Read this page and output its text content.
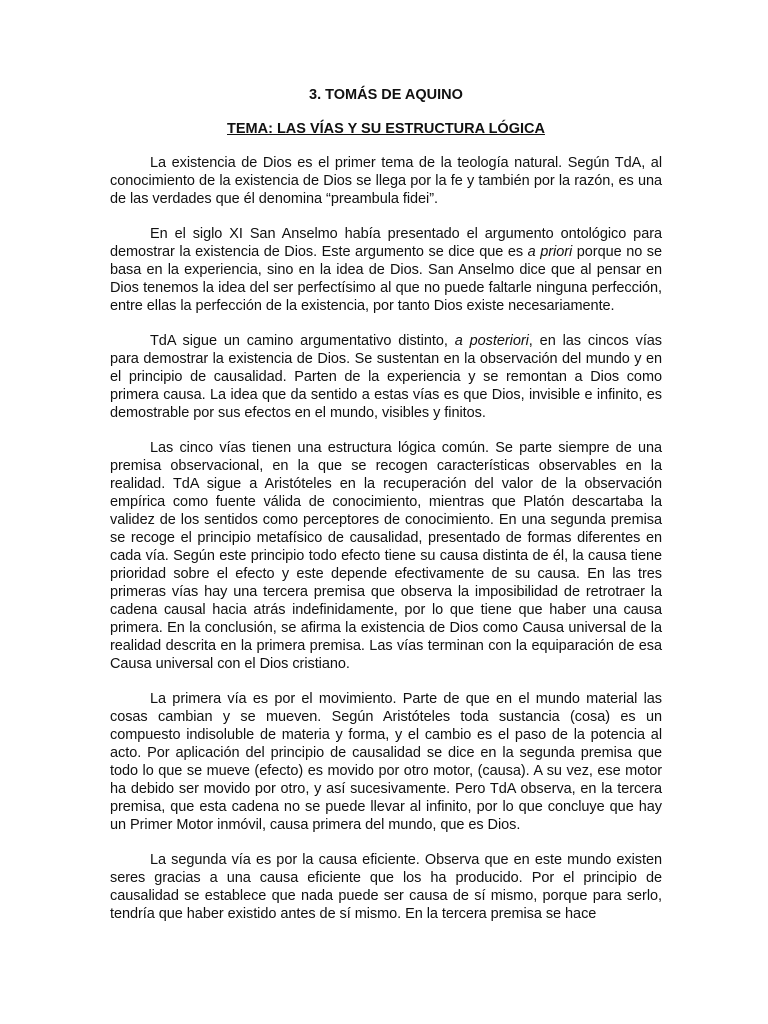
3. TOMÁS DE AQUINO
TEMA: LAS VÍAS Y SU ESTRUCTURA LÓGICA

La existencia de Dios es el primer tema de la teología natural. Según TdA, al conocimiento de la existencia de Dios se llega por la fe y también por la razón, es una de las verdades que él denomina “preambula fidei”.

En el siglo XI San Anselmo había presentado el argumento ontológico para demostrar la existencia de Dios. Este argumento se dice que es a priori porque no se basa en la experiencia, sino en la idea de Dios. San Anselmo dice que al pensar en Dios tenemos la idea del ser perfectísimo al que no puede faltarle ninguna perfección, entre ellas la perfección de la existencia, por tanto Dios existe necesariamente.

TdA sigue un camino argumentativo distinto, a posteriori, en las cincos vías para demostrar la existencia de Dios. Se sustentan en la observación del mundo y en el principio de causalidad. Parten de la experiencia y se remontan a Dios como primera causa. La idea que da sentido a estas vías es que Dios, invisible e infinito, es demostrable por sus efectos en el mundo, visibles y finitos.

Las cinco vías tienen una estructura lógica común. Se parte siempre de una premisa observacional, en la que se recogen características observables en la realidad. TdA sigue a Aristóteles en la recuperación del valor de la observación empírica como fuente válida de conocimiento, mientras que Platón descartaba la validez de los sentidos como perceptores de conocimiento. En una segunda premisa se recoge el principio metafísico de causalidad, presentado de formas diferentes en cada vía. Según este principio todo efecto tiene su causa distinta de él, la causa tiene prioridad sobre el efecto y este depende efectivamente de su causa. En las tres primeras vías hay una tercera premisa que observa la imposibilidad de retrotraer la cadena causal hacia atrás indefinidamente, por lo que tiene que haber una causa primera. En la conclusión, se afirma la existencia de Dios como Causa universal de la realidad descrita en la primera premisa. Las vías terminan con la equiparación de esa Causa universal con el Dios cristiano.

La primera vía es por el movimiento. Parte de que en el mundo material las cosas cambian y se mueven. Según Aristóteles toda sustancia (cosa) es un compuesto indisoluble de materia y forma, y el cambio es el paso de la potencia al acto. Por aplicación del principio de causalidad se dice en la segunda premisa que todo lo que se mueve (efecto) es movido por otro motor, (causa). A su vez, ese motor ha debido ser movido por otro, y así sucesivamente. Pero TdA observa, en la tercera premisa, que esta cadena no se puede llevar al infinito, por lo que concluye que hay un Primer Motor inmóvil, causa primera del mundo, que es Dios.

La segunda vía es por la causa eficiente. Observa que en este mundo existen seres gracias a una causa eficiente que los ha producido. Por el principio de causalidad se establece que nada puede ser causa de sí mismo, porque para serlo, tendría que haber existido antes de sí mismo. En la tercera premisa se hace
